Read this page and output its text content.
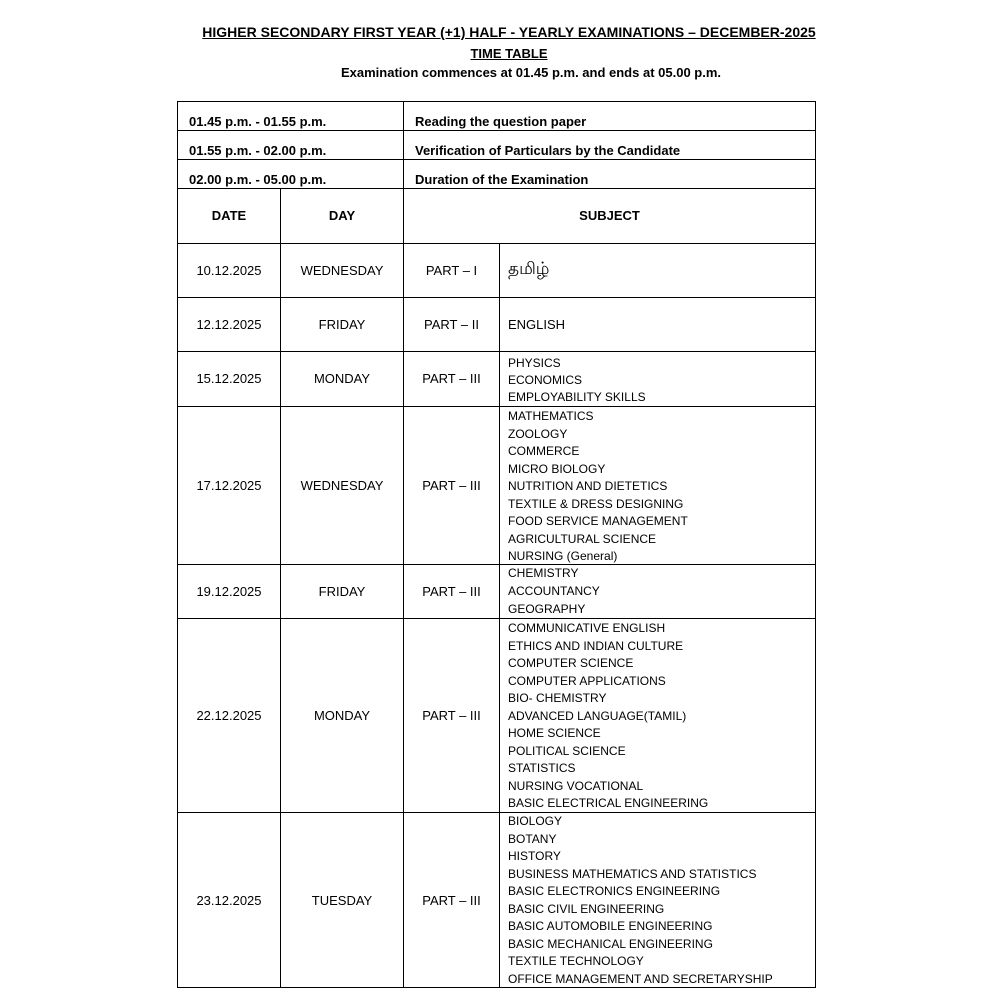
HIGHER SECONDARY FIRST YEAR (+1) HALF - YEARLY EXAMINATIONS – DECEMBER-2025
TIME TABLE
Examination commences at 01.45 p.m. and ends at 05.00 p.m.
01.45 p.m. - 01.55 p.m.	Reading the question paper
01.55 p.m. - 02.00 p.m.	Verification of Particulars by the Candidate
02.00 p.m. - 05.00 p.m.	Duration of the Examination
DATE	DAY	SUBJECT
10.12.2025	WEDNESDAY	PART – I	தமிழ்
12.12.2025	FRIDAY	PART – II	ENGLISH
15.12.2025	MONDAY	PART – III
PHYSICS
ECONOMICS
EMPLOYABILITY SKILLS
17.12.2025	WEDNESDAY	PART – III
MATHEMATICS
ZOOLOGY
COMMERCE
MICRO BIOLOGY
NUTRITION AND DIETETICS
TEXTILE & DRESS DESIGNING
FOOD SERVICE MANAGEMENT
AGRICULTURAL SCIENCE
NURSING (General)
19.12.2025	FRIDAY	PART – III
CHEMISTRY
ACCOUNTANCY
GEOGRAPHY
22.12.2025	MONDAY	PART – III
COMMUNICATIVE ENGLISH
ETHICS AND INDIAN CULTURE
COMPUTER SCIENCE
COMPUTER APPLICATIONS
BIO- CHEMISTRY
ADVANCED LANGUAGE(TAMIL)
HOME SCIENCE
POLITICAL SCIENCE
STATISTICS
NURSING VOCATIONAL
BASIC ELECTRICAL ENGINEERING
23.12.2025	TUESDAY	PART – III
BIOLOGY
BOTANY
HISTORY
BUSINESS MATHEMATICS AND STATISTICS
BASIC ELECTRONICS ENGINEERING
BASIC CIVIL ENGINEERING
BASIC AUTOMOBILE ENGINEERING
BASIC MECHANICAL ENGINEERING
TEXTILE TECHNOLOGY
OFFICE MANAGEMENT AND SECRETARYSHIP
